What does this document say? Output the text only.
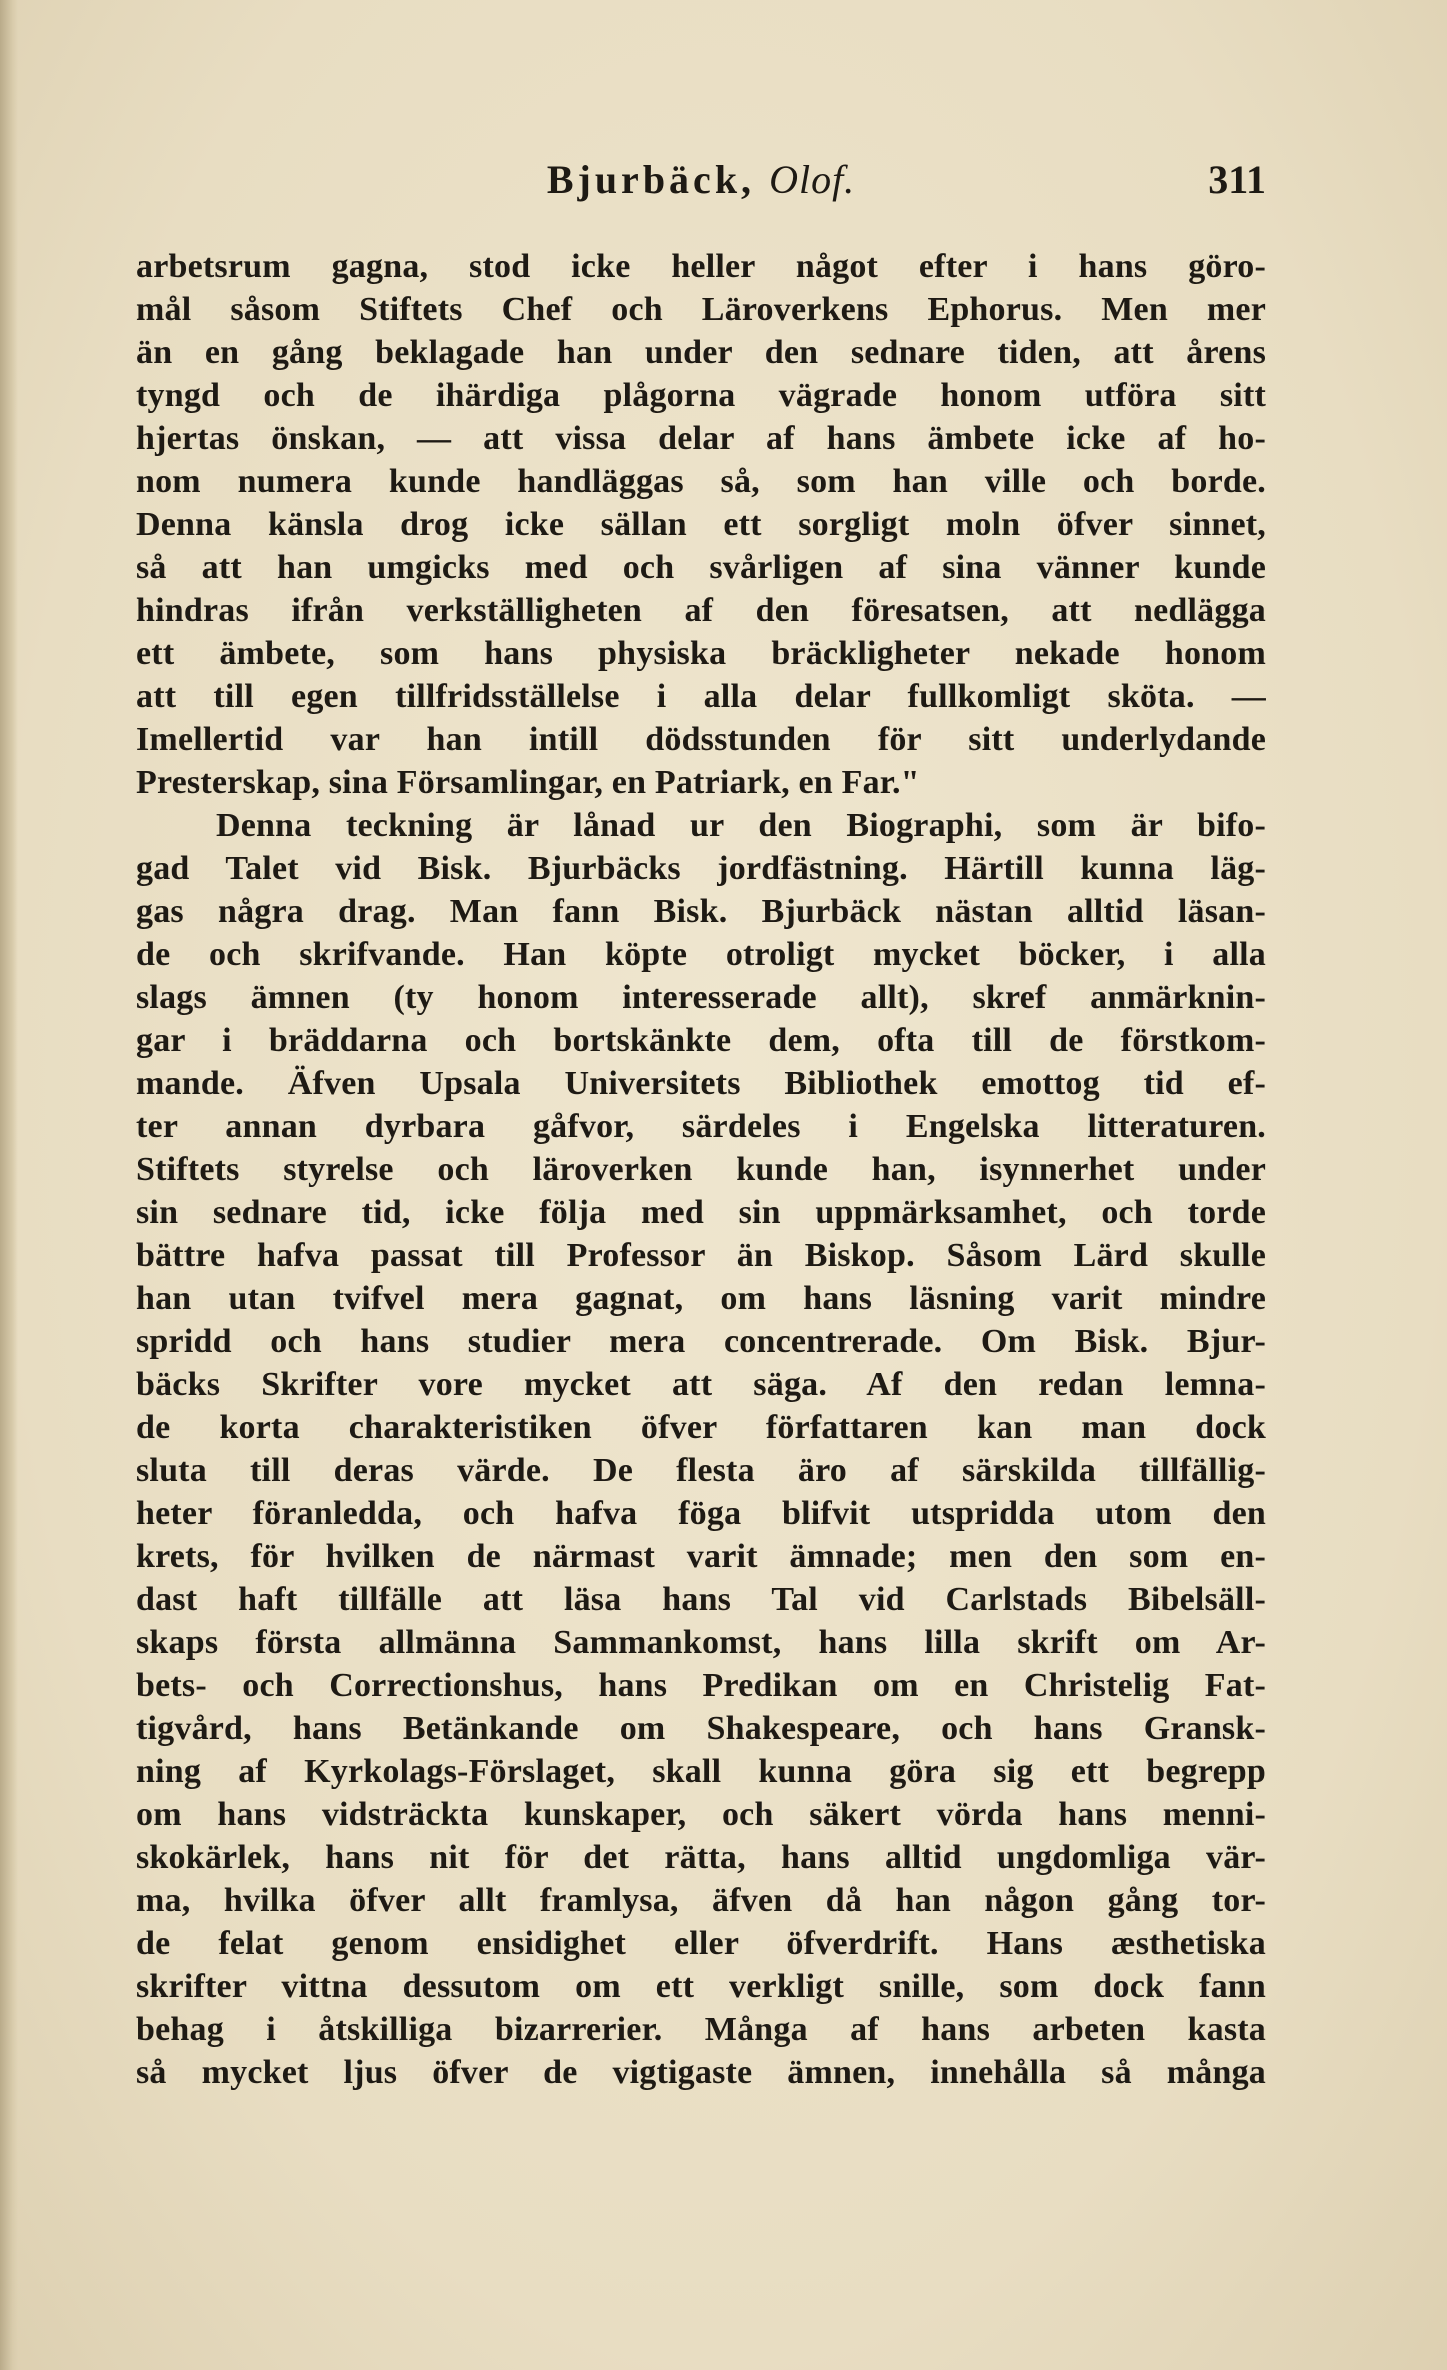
Bjurbäck, Olof.	311
arbetsrum gagna, stod icke heller något efter i hans göro-
mål såsom Stiftets Chef och Läroverkens Ephorus. Men mer
än en gång beklagade han under den sednare tiden, att årens
tyngd och de ihärdiga plågorna vägrade honom utföra sitt
hjertas önskan, — att vissa delar af hans ämbete icke af ho-
nom numera kunde handläggas så, som han ville och borde.
Denna känsla drog icke sällan ett sorgligt moln öfver sinnet,
så att han umgicks med och svårligen af sina vänner kunde
hindras ifrån verkställigheten af den föresatsen, att nedlägga
ett ämbete, som hans physiska bräckligheter nekade honom
att till egen tillfridsställelse i alla delar fullkomligt sköta. —
Imellertid var han intill dödsstunden för sitt underlydande
Presterskap, sina Församlingar, en Patriark, en Far."
Denna teckning är lånad ur den Biographi, som är bifo-
gad Talet vid Bisk. Bjurbäcks jordfästning. Härtill kunna läg-
gas några drag. Man fann Bisk. Bjurbäck nästan alltid läsan-
de och skrifvande. Han köpte otroligt mycket böcker, i alla
slags ämnen (ty honom interesserade allt), skref anmärknin-
gar i bräddarna och bortskänkte dem, ofta till de förstkom-
mande. Äfven Upsala Universitets Bibliothek emottog tid ef-
ter annan dyrbara gåfvor, särdeles i Engelska litteraturen.
Stiftets styrelse och läroverken kunde han, isynnerhet under
sin sednare tid, icke följa med sin uppmärksamhet, och torde
bättre hafva passat till Professor än Biskop. Såsom Lärd skulle
han utan tvifvel mera gagnat, om hans läsning varit mindre
spridd och hans studier mera concentrerade. Om Bisk. Bjur-
bäcks Skrifter vore mycket att säga. Af den redan lemna-
de korta charakteristiken öfver författaren kan man dock
sluta till deras värde. De flesta äro af särskilda tillfällig-
heter föranledda, och hafva föga blifvit utspridda utom den
krets, för hvilken de närmast varit ämnade; men den som en-
dast haft tillfälle att läsa hans Tal vid Carlstads Bibelsäll-
skaps första allmänna Sammankomst, hans lilla skrift om Ar-
bets- och Correctionshus, hans Predikan om en Christelig Fat-
tigvård, hans Betänkande om Shakespeare, och hans Gransk-
ning af Kyrkolags-Förslaget, skall kunna göra sig ett begrepp
om hans vidsträckta kunskaper, och säkert vörda hans menni-
skokärlek, hans nit för det rätta, hans alltid ungdomliga vär-
ma, hvilka öfver allt framlysa, äfven då han någon gång tor-
de felat genom ensidighet eller öfverdrift. Hans æsthetiska
skrifter vittna dessutom om ett verkligt snille, som dock fann
behag i åtskilliga bizarrerier. Många af hans arbeten kasta
så mycket ljus öfver de vigtigaste ämnen, innehålla så många
